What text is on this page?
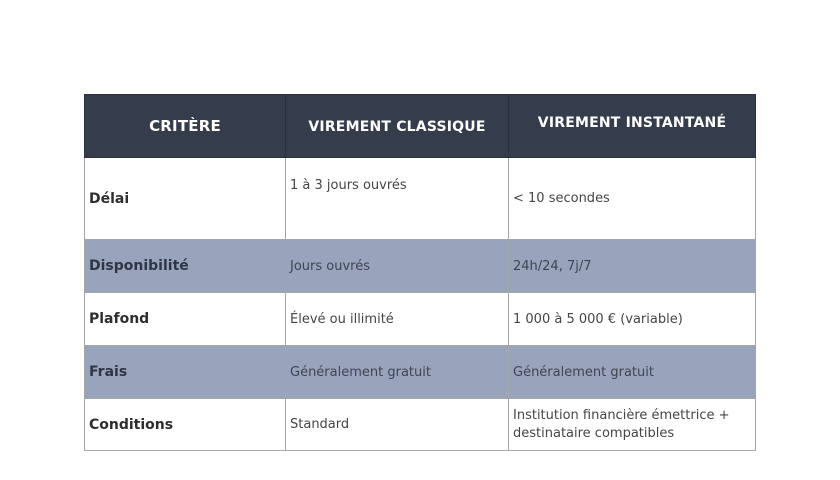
CRITÈRE	VIREMENT CLASSIQUE	VIREMENT INSTANTANÉ
Délai	1 à 3 jours ouvrés	< 10 secondes
Disponibilité	Jours ouvrés	24h/24, 7j/7
Plafond	Élevé ou illimité	1 000 à 5 000 € (variable)
Frais	Généralement gratuit	Généralement gratuit
Conditions	Standard	Institution financière émettrice + destinataire compatibles
